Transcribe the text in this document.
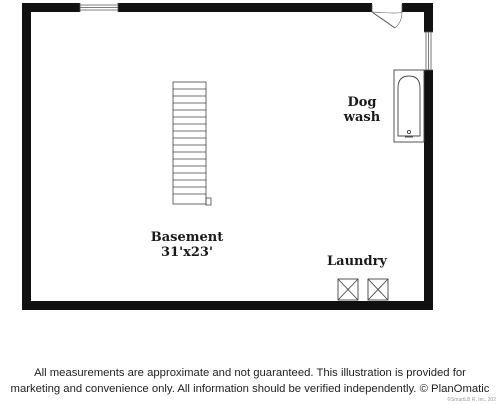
Basement
31'x23'
Dog
wash
Laundry
All measurements are approximate and not guaranteed. This illustration is provided for
marketing and convenience only. All information should be verified independently. © PlanOmatic
©SmartLB R. Inc. 202
